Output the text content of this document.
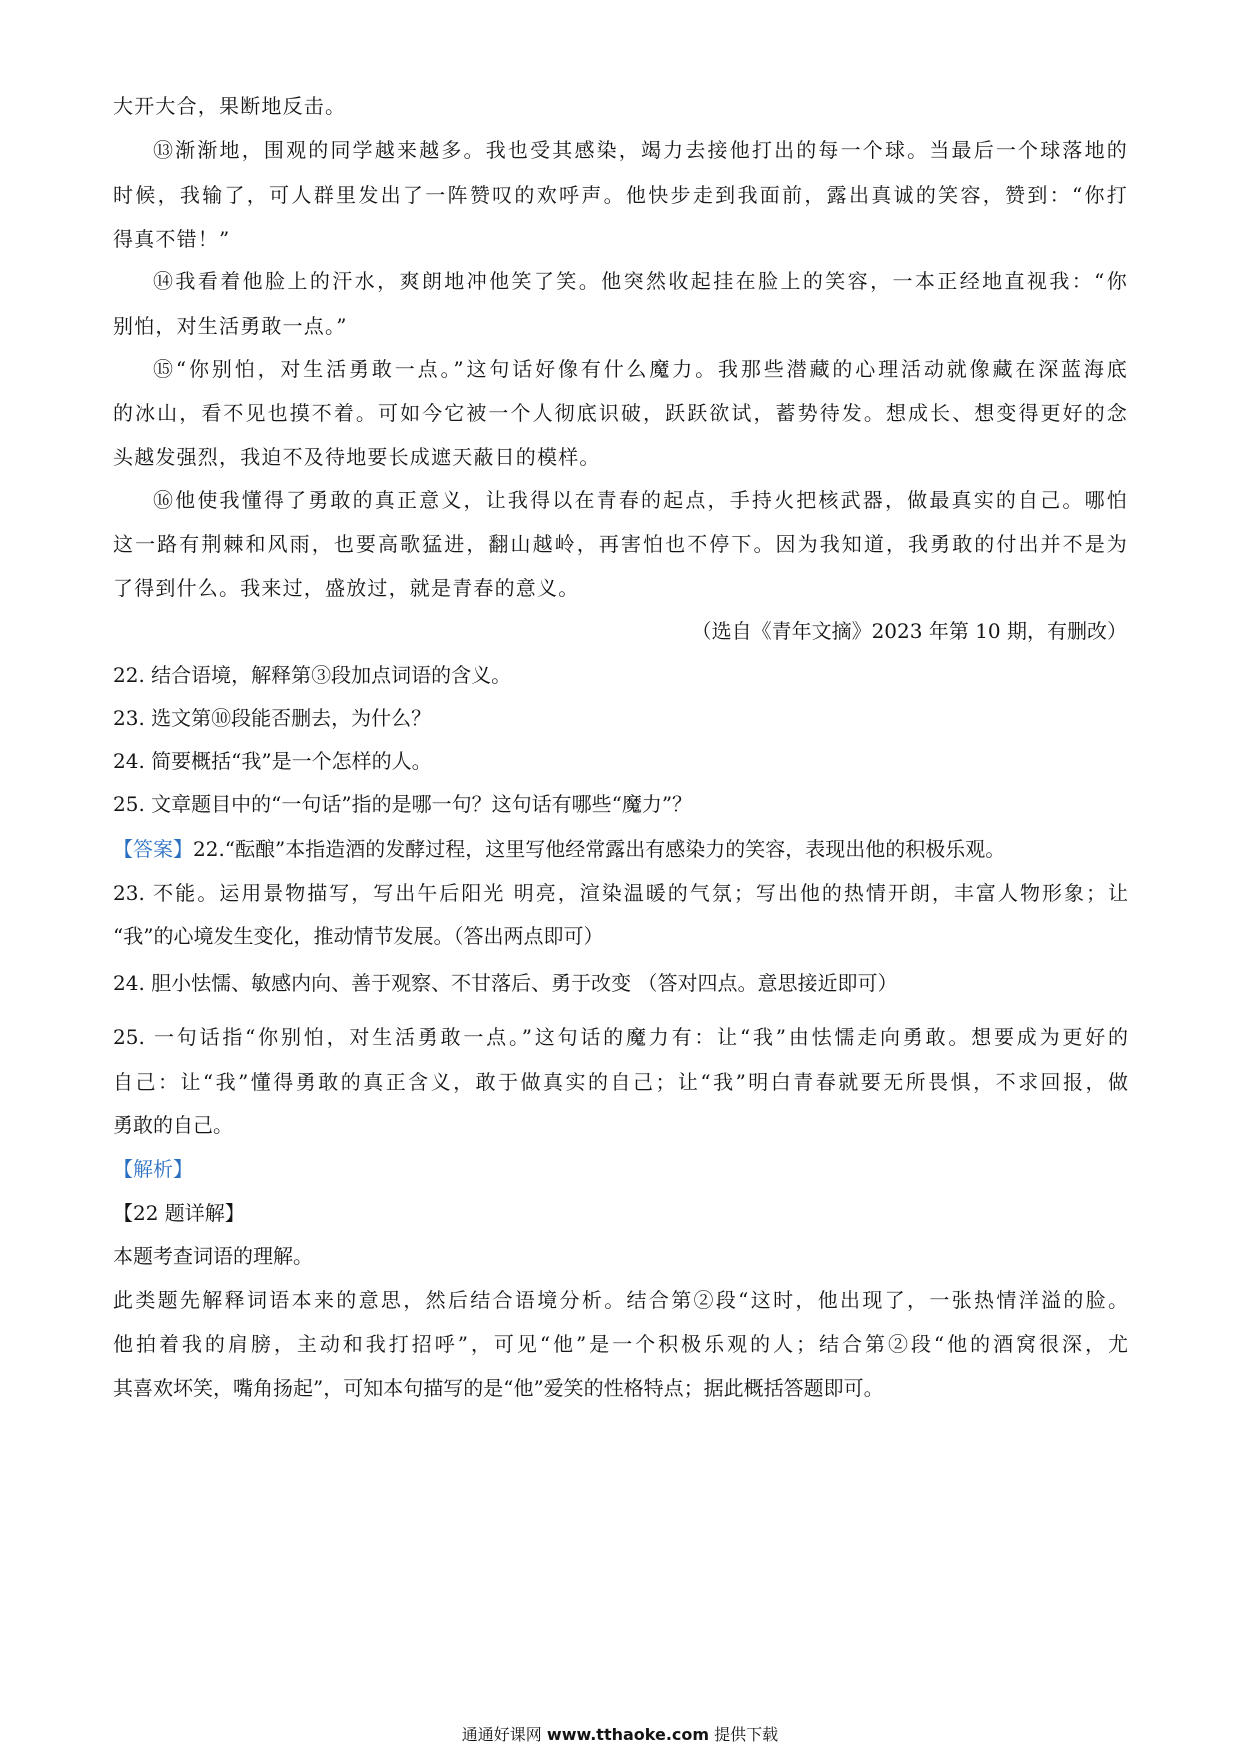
大开大合，果断地反击。

⑬渐渐地，围观的同学越来越多。我也受其感染，竭力去接他打出的每一个球。当最后一个球落地的

时候，我输了，可人群里发出了一阵赞叹的欢呼声。他快步走到我面前，露出真诚的笑容，赞到：“你打

得真不错！”

⑭我看着他脸上的汗水，爽朗地冲他笑了笑。他突然收起挂在脸上的笑容，一本正经地直视我：“你

别怕，对生活勇敢一点。”

⑮“你别怕，对生活勇敢一点。”这句话好像有什么魔力。我那些潜藏的心理活动就像藏在深蓝海底

的冰山，看不见也摸不着。可如今它被一个人彻底识破，跃跃欲试，蓄势待发。想成长、想变得更好的念

头越发强烈，我迫不及待地要长成遮天蔽日的模样。

⑯他使我懂得了勇敢的真正意义，让我得以在青春的起点，手持火把核武器，做最真实的自己。哪怕

这一路有荆棘和风雨，也要高歌猛进，翻山越岭，再害怕也不停下。因为我知道，我勇敢的付出并不是为

了得到什么。我来过，盛放过，就是青春的意义。

（选自《青年文摘》2023 年第 10 期，有删改）

22. 结合语境，解释第③段加点词语的含义。

23. 选文第⑩段能否删去，为什么？

24. 简要概括“我”是一个怎样的人。

25. 文章题目中的“一句话”指的是哪一句？这句话有哪些“魔力”？

【答案】22.“酝酿”本指造酒的发酵过程，这里写他经常露出有感染力的笑容，表现出他的积极乐观。

23. 不能。运用景物描写，写出午后阳光 明亮，渲染温暖的气氛；写出他的热情开朗，丰富人物形象；让

“我”的心境发生变化，推动情节发展。（答出两点即可）

24. 胆小怯懦、敏感内向、善于观察、不甘落后、勇于改变 （答对四点。意思接近即可）

25. 一句话指“你别怕，对生活勇敢一点。”这句话的魔力有：让“我”由怯懦走向勇敢。想要成为更好的

自己：让“我”懂得勇敢的真正含义，敢于做真实的自己；让“我”明白青春就要无所畏惧，不求回报，做

勇敢的自己。

【解析】

【22 题详解】

本题考查词语的理解。

此类题先解释词语本来的意思，然后结合语境分析。结合第②段“这时，他出现了，一张热情洋溢的脸。

他拍着我的肩膀，主动和我打招呼”，可见“他”是一个积极乐观的人；结合第②段“他的酒窝很深，尤

其喜欢坏笑，嘴角扬起”，可知本句描写的是“他”爱笑的性格特点；据此概括答题即可。

通通好课网 www.tthaoke.com 提供下载
